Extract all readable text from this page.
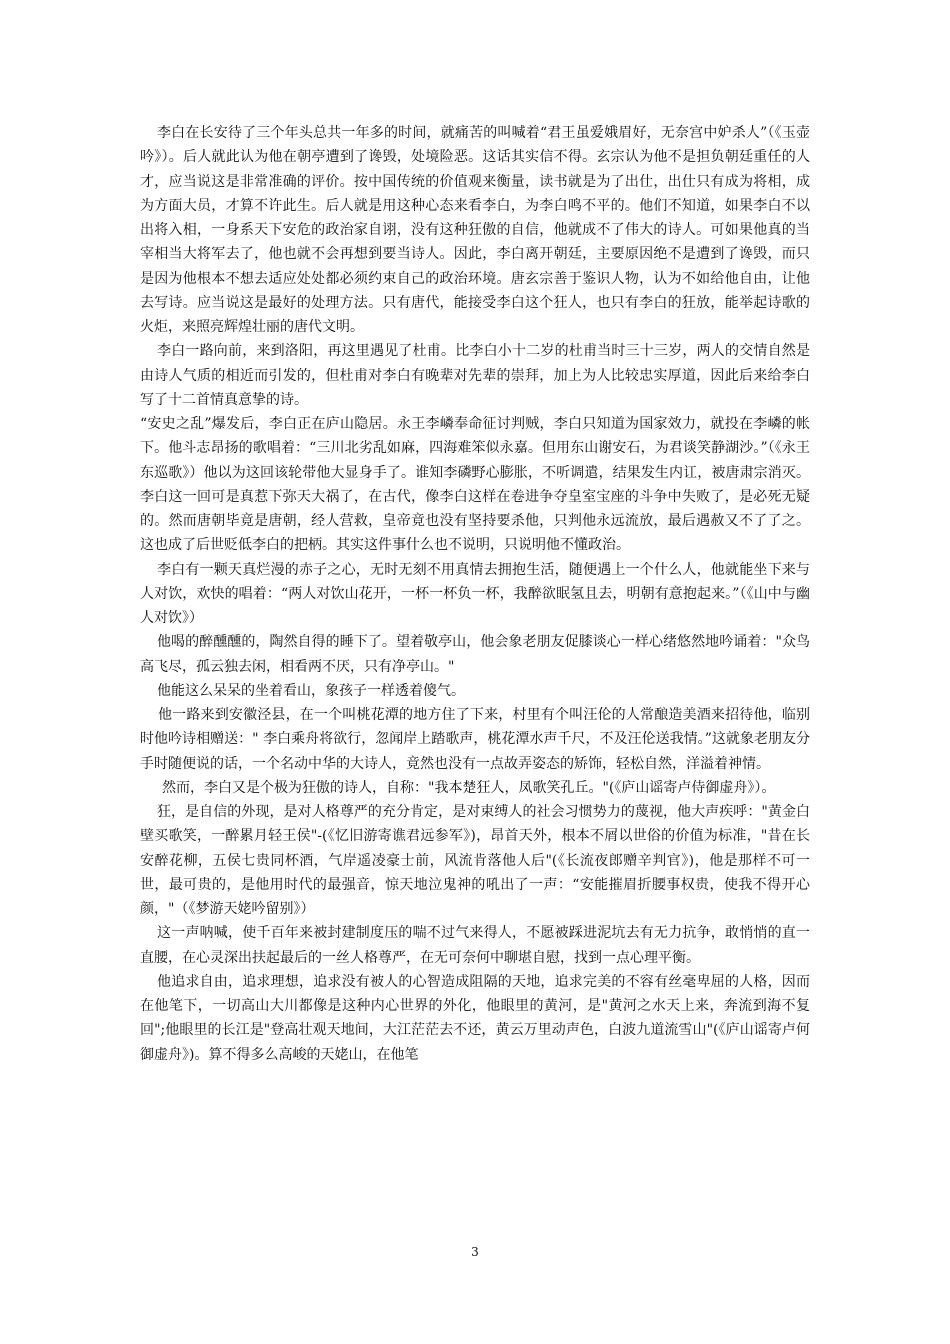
李白在长安待了三个年头总共一年多的时间，就痛苦的叫喊着“君王虽爱娥眉好，无奈宫中妒杀人”（《玉壶吟》）。后人就此认为他在朝亭遭到了谗毁，处境险恶。这话其实信不得。玄宗认为他不是担负朝廷重任的人才，应当说这是非常准确的评价。按中国传统的价值观来衡量，读书就是为了出仕，出仕只有成为将相，成为方面大员，才算不许此生。后人就是用这种心态来看李白，为李白鸣不平的。他们不知道，如果李白不以出将入相，一身系天下安危的政治家自诩，没有这种狂傲的自信，他就成不了伟大的诗人。可如果他真的当宰相当大将军去了，他也就不会再想到要当诗人。因此，李白离开朝廷，主要原因绝不是遭到了谗毁，而只是因为他根本不想去适应处处都必须约束自己的政治环境。唐玄宗善于鉴识人物，认为不如给他自由，让他去写诗。应当说这是最好的处理方法。只有唐代，能接受李白这个狂人，也只有李白的狂放，能举起诗歌的火炬，来照亮辉煌壮丽的唐代文明。

李白一路向前，来到洛阳，再这里遇见了杜甫。比李白小十二岁的杜甫当时三十三岁，两人的交情自然是由诗人气质的相近而引发的，但杜甫对李白有晚辈对先辈的崇拜，加上为人比较忠实厚道，因此后来给李白写了十二首情真意挚的诗。

“安史之乱”爆发后，李白正在庐山隐居。永王李嶙奉命征讨判贼，李白只知道为国家效力，就投在李嶙的帐下。他斗志昂扬的歌唱着：“三川北劣乱如麻，四海难笨似永嘉。但用东山谢安石，为君谈笑静湖沙。”（《永王东巡歌》）他以为这回该轮带他大显身手了。谁知李磷野心膨胀，不听调遣，结果发生内讧，被唐肃宗消灭。李白这一回可是真惹下弥天大祸了，在古代，像李白这样在卷进争夺皇室宝座的斗争中失败了，是必死无疑的。然而唐朝毕竟是唐朝，经人营救，皇帝竟也没有坚持要杀他，只判他永远流放，最后遇赦又不了了之。这也成了后世贬低李白的把柄。其实这件事什么也不说明，只说明他不懂政治。

李白有一颗天真烂漫的赤子之心，无时无刻不用真情去拥抱生活，随便遇上一个什么人，他就能坐下来与人对饮，欢快的唱着：“两人对饮山花开，一杯一杯负一杯，我醉欲眠氢且去，明朝有意抱起来。”（《山中与幽人对饮》）

他喝的醉醺醺的，陶然自得的睡下了。望着敬亭山，他会象老朋友促膝谈心一样心绪悠然地吟诵着："众鸟高飞尽，孤云独去闲，相看两不厌，只有净亭山。"

他能这么呆呆的坐着看山，象孩子一样透着傻气。

他一路来到安徽泾县，在一个叫桃花潭的地方住了下来，村里有个叫汪伦的人常酿造美酒来招待他，临别时他吟诗相赠送：" 李白乘舟将欲行，忽闻岸上踏歌声，桃花潭水声千尺，不及汪伦送我情。”这就象老朋友分手时随便说的话，一个名动中华的大诗人，竟然也没有一点故弄姿态的矫饰，轻松自然，洋溢着神情。

然而，李白又是个极为狂傲的诗人，自称："我本楚狂人，凤歌笑孔丘。"(《庐山谣寄卢侍御虚舟》）。

狂，是自信的外现，是对人格尊严的充分肯定，是对束缚人的社会习惯势力的蔑视，他大声疾呼："黄金白壁买歌笑，一醉累月轻王侯"-(《忆旧游寄谯君远参军》)，昂首天外，根本不屑以世俗的价值为标准，"昔在长安醉花柳，五侯七贵同杯酒，气岸遥凌豪士前，风流肯落他人后"(《长流夜郎赠辛判官》)，他是那样不可一世，最可贵的，是他用时代的最强音，惊天地泣鬼神的吼出了一声：“安能摧眉折腰事权贵，使我不得开心颜，"（《梦游天姥吟留别》）

这一声呐喊，使千百年来被封建制度压的喘不过气来得人，不愿被踩进泥坑去有无力抗争，敢悄悄的直一直腰，在心灵深出扶起最后的一丝人格尊严，在无可奈何中聊堪自慰，找到一点心理平衡。

他追求自由，追求理想，追求没有被人的心智造成阻隔的天地，追求完美的不容有丝毫卑屈的人格，因而在他笔下，一切高山大川都像是这种内心世界的外化，他眼里的黄河，是"黄河之水天上来，奔流到海不复回";他眼里的长江是"登高壮观天地间，大江茫茫去不还，黄云万里动声色，白波九道流雪山"(《庐山谣寄卢何御虚舟》)。算不得多么高峻的天姥山，在他笔

3
